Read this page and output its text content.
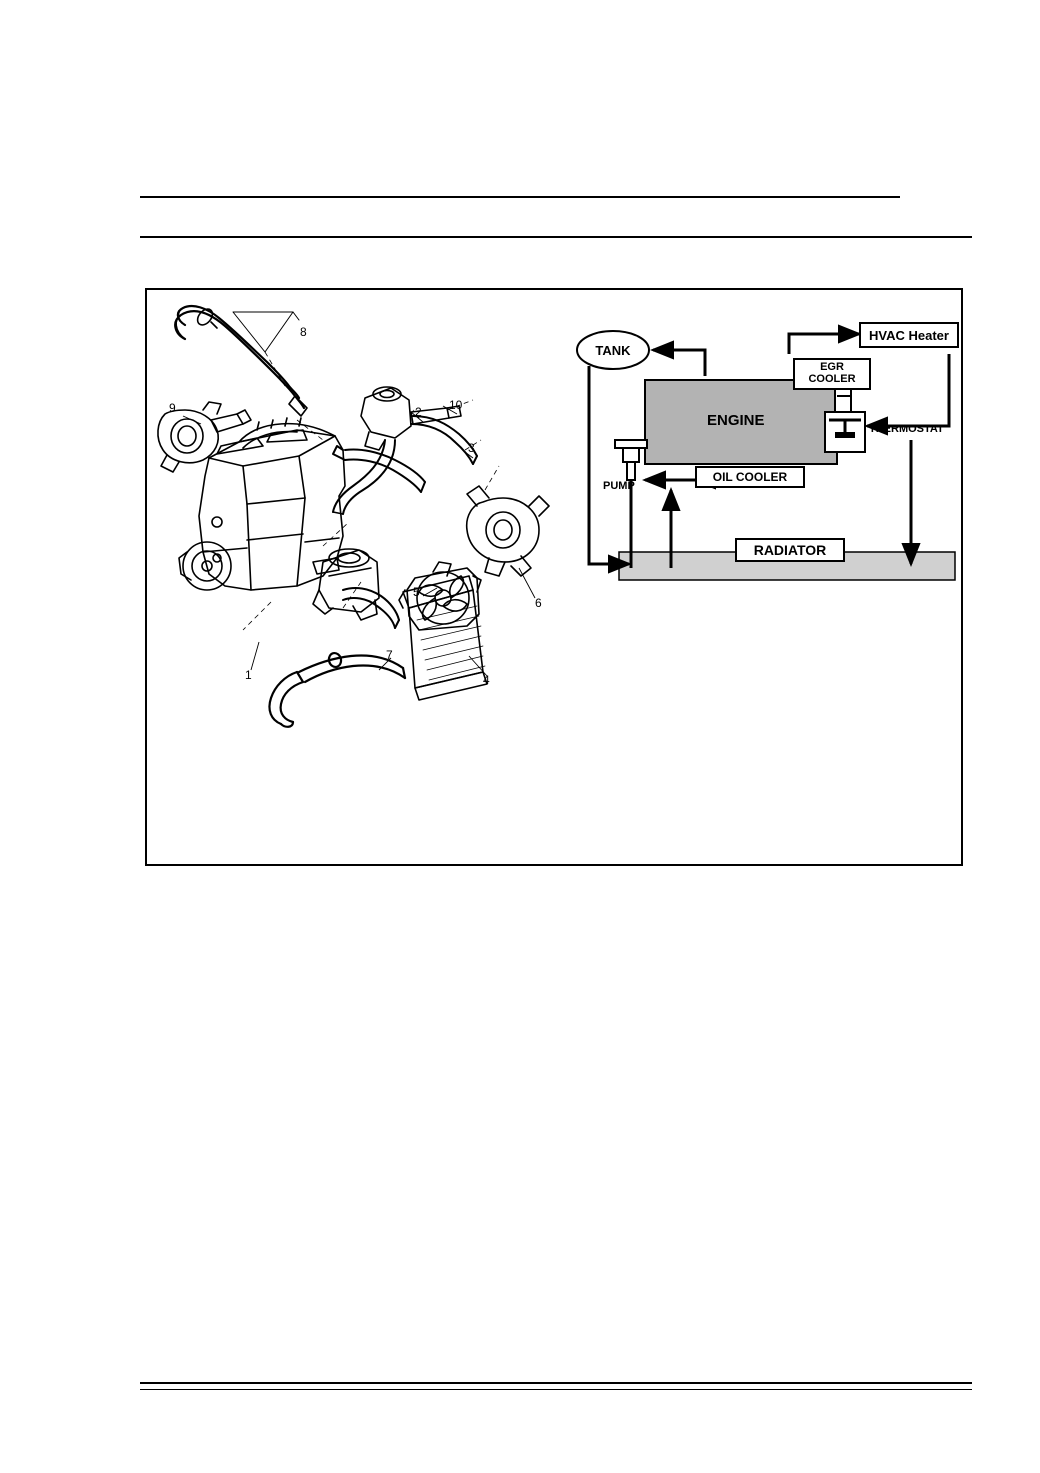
1
2
3
4
5
6
7
8
9	10
TANK
HVAC Heater
EGR
COOLER
ENGINE	THERMOSTAT
OIL COOLER
PUMP
RADIATOR
